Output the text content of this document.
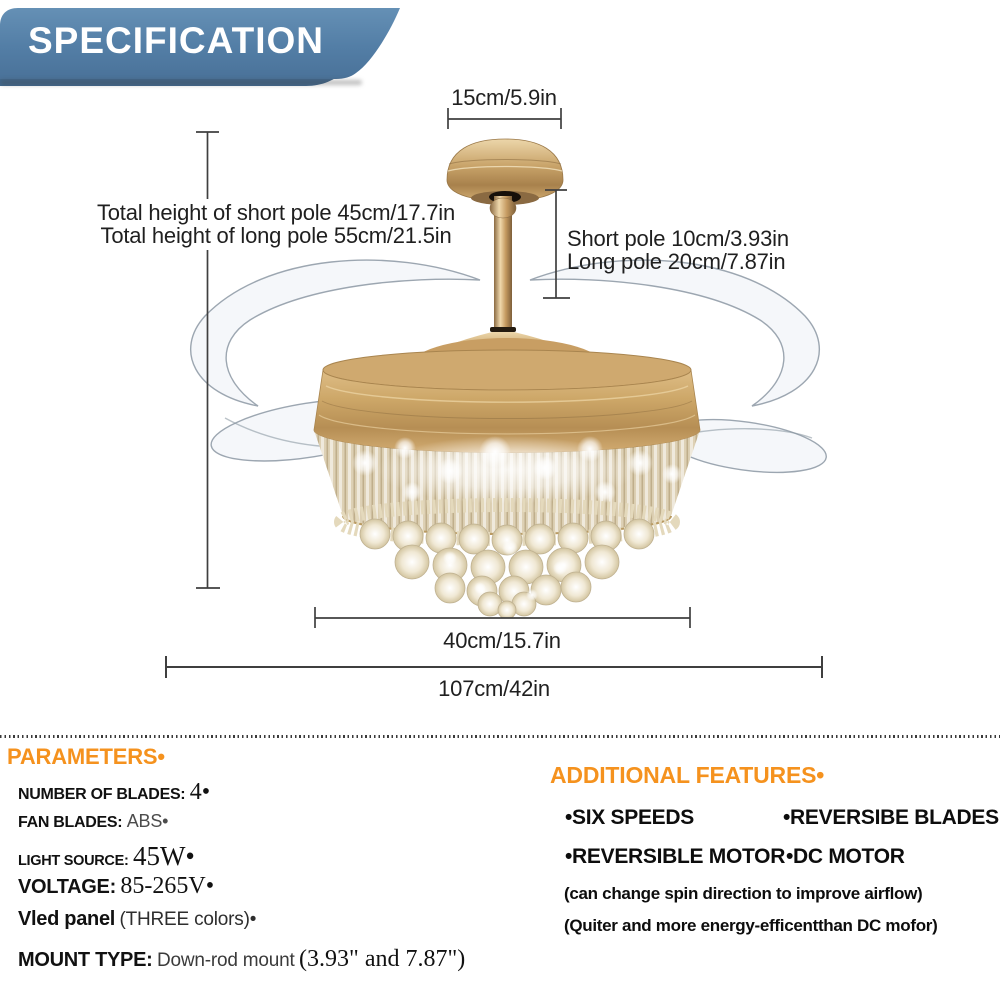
SPECIFICATION
15cm/5.9in
Total height of short pole 45cm/17.7in
Total height of long pole 55cm/21.5in	Short pole 10cm/3.93in
Long pole 20cm/7.87in
40cm/15.7in
107cm/42in
PARAMETERS•
NUMBER OF BLADES: 4•
FAN BLADES: ABS•
LIGHT SOURCE: 45W•
VOLTAGE: 85-265V•
Vled panel (THREE colors)•
MOUNT TYPE: Down-rod mount (3.93" and 7.87")
ADDITIONAL FEATURES•
•SIX SPEEDS	•REVERSIBE BLADES
•REVERSIBLE MOTOR •DC MOTOR
(can change spin direction to improve airflow)
(Quiter and more energy-efficentthan DC mofor)
